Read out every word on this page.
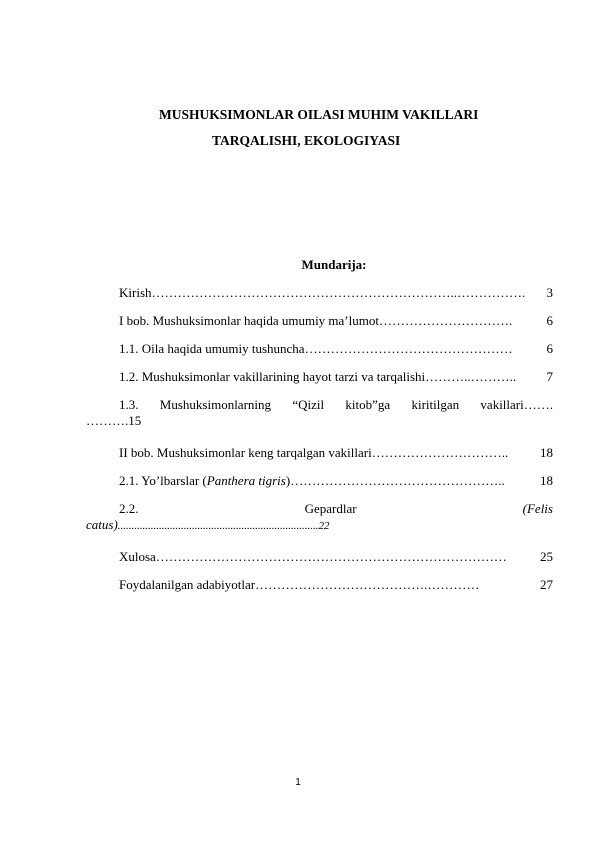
MUSHUKSIMONLAR OILASI MUHIM VAKILLARI
TARQALISHI, EKOLOGIYASI
Mundarija:
Kirish ……………………………………………………………..…………….	3
I bob. Mushuksimonlar haqida umumiy ma’lumot ………………………….	6
1.1. Oila haqida umumiy tushuncha …………………………………………	6
1.2. Mushuksimonlar vakillarining hayot tarzi va tarqalishi ………..………..	7
1.3. Mushuksimonlarning “Qizil kitob”ga kiritilgan vakillari…….
……….15
II bob. Mushuksimonlar keng tarqalgan vakillari …………………………..	18
2.1. Yo’lbarslar (Panthera tigris) …………………………………………..	18
2.2.	Gepardlar	(Felis
catus).........................................................................22
Xulosa ………………………………………………………………………	25
Foydalanilgan adabiyotlar ………………………………….…………	27
1
